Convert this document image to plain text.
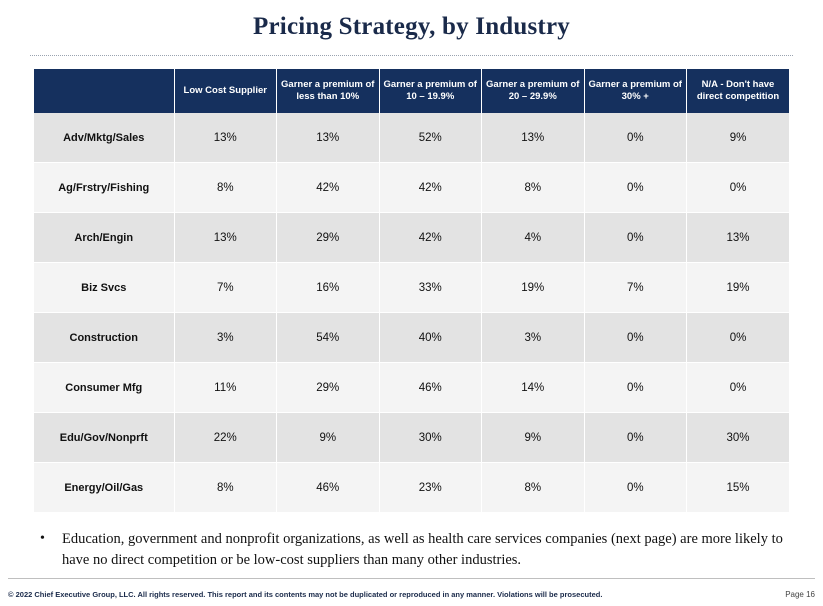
Pricing Strategy, by Industry
	Low Cost Supplier	Garner a premium of less than 10%	Garner a premium of 10 – 19.9%	Garner a premium of 20 – 29.9%	Garner a premium of 30% +	N/A - Don't have direct competition
Adv/Mktg/Sales	13%	13%	52%	13%	0%	9%
Ag/Frstry/Fishing	8%	42%	42%	8%	0%	0%
Arch/Engin	13%	29%	42%	4%	0%	13%
Biz Svcs	7%	16%	33%	19%	7%	19%
Construction	3%	54%	40%	3%	0%	0%
Consumer Mfg	11%	29%	46%	14%	0%	0%
Edu/Gov/Nonprft	22%	9%	30%	9%	0%	30%
Energy/Oil/Gas	8%	46%	23%	8%	0%	15%
•	Education, government and nonprofit organizations, as well as health care services companies (next page) are more likely to have no direct competition or be low-cost suppliers than many other industries.
© 2022 Chief Executive Group, LLC. All rights reserved. This report and its contents may not be duplicated or reproduced in any manner. Violations will be prosecuted.	Page 16
